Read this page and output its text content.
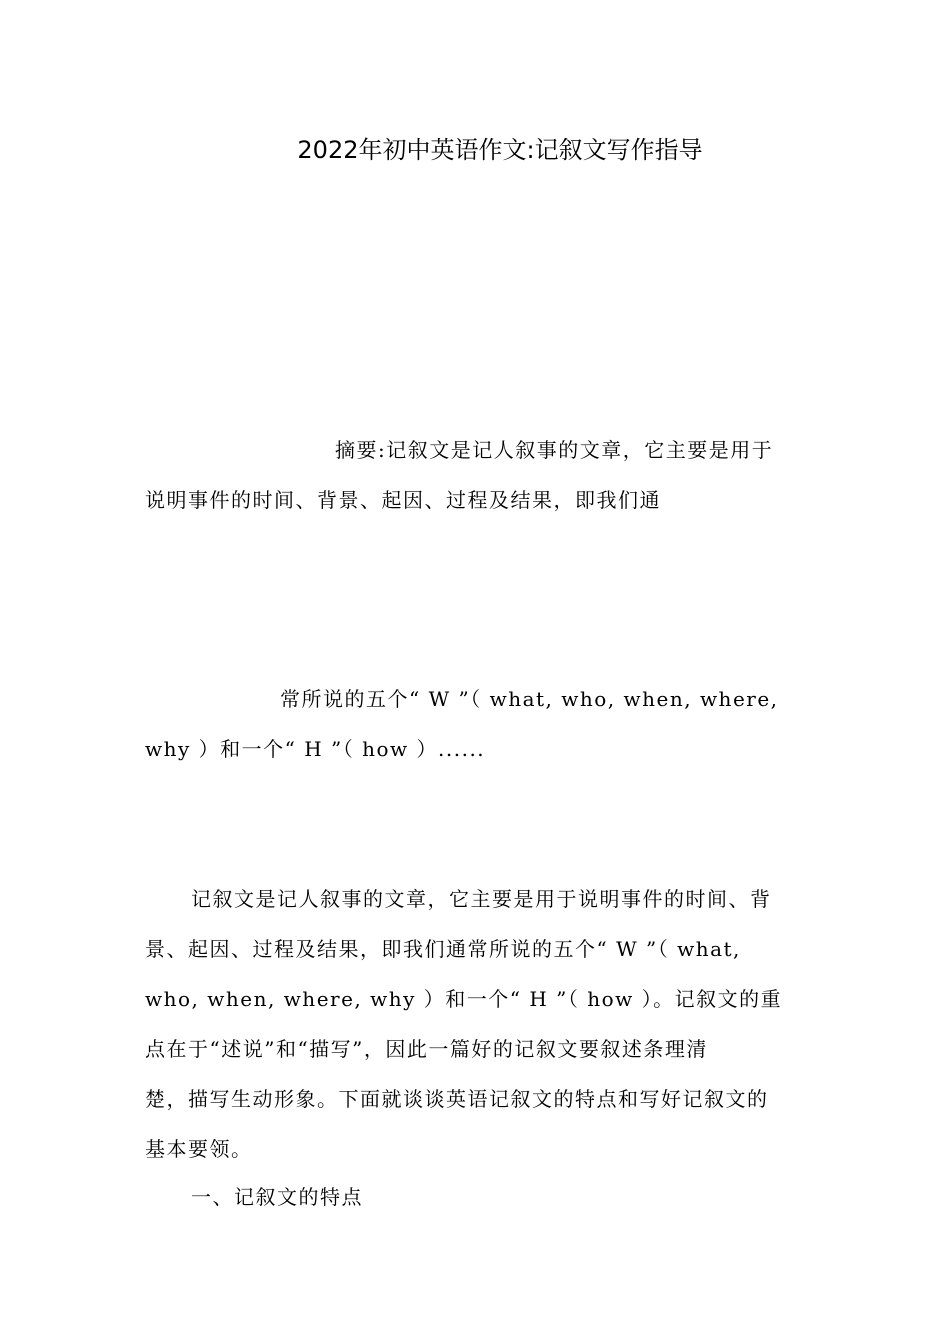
2022年初中英语作文:记叙文写作指导
摘要:记叙文是记人叙事的文章，它主要是用于
说明事件的时间、背景、起因、过程及结果，即我们通
常所说的五个“ W ”（ what, who, when, where,
why ）和一个“ H ”（ how ）......
记叙文是记人叙事的文章，它主要是用于说明事件的时间、背
景、起因、过程及结果，即我们通常所说的五个“ W ”（ what,
who, when, where, why ）和一个“ H ”（ how ）。记叙文的重
点在于“述说”和“描写”，因此一篇好的记叙文要叙述条理清
楚，描写生动形象。下面就谈谈英语记叙文的特点和写好记叙文的
基本要领。
一、记叙文的特点
